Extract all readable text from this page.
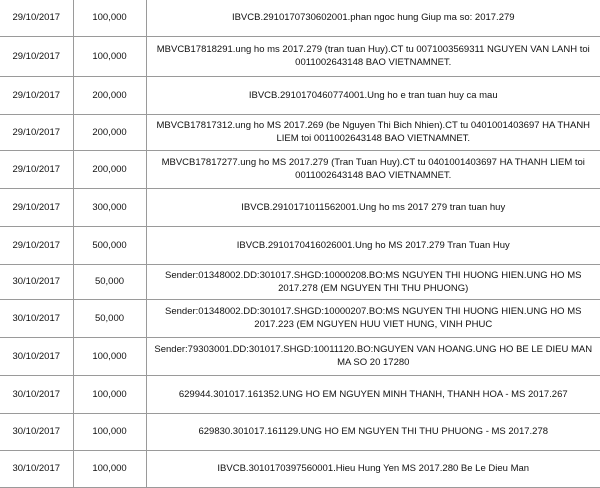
29/10/2017	100,000	IBVCB.2910170730602001.phan ngoc hung Giup ma so: 2017.279
29/10/2017	100,000	MBVCB17818291.ung ho ms 2017.279 (tran tuan Huy).CT tu 0071003569311 NGUYEN VAN LANH toi 0011002643148 BAO VIETNAMNET.
29/10/2017	200,000	IBVCB.2910170460774001.Ung ho e tran tuan huy ca mau
29/10/2017	200,000	MBVCB17817312.ung ho MS 2017.269 (be Nguyen Thi Bich Nhien).CT tu 0401001403697 HA THANH LIEM toi 0011002643148 BAO VIETNAMNET.
29/10/2017	200,000	MBVCB17817277.ung ho MS 2017.279 (Tran Tuan Huy).CT tu 0401001403697 HA THANH LIEM toi 0011002643148 BAO VIETNAMNET.
29/10/2017	300,000	IBVCB.2910171011562001.Ung ho ms 2017 279 tran tuan huy
29/10/2017	500,000	IBVCB.2910170416026001.Ung ho MS 2017.279 Tran Tuan Huy
30/10/2017	50,000	Sender:01348002.DD:301017.SHGD:10000208.BO:MS NGUYEN THI HUONG HIEN.UNG HO MS 2017.278 (EM NGUYEN THI THU PHUONG)
30/10/2017	50,000	Sender:01348002.DD:301017.SHGD:10000207.BO:MS NGUYEN THI HUONG HIEN.UNG HO MS 2017.223 (EM NGUYEN HUU VIET HUNG, VINH PHUC
30/10/2017	100,000	Sender:79303001.DD:301017.SHGD:10011120.BO:NGUYEN VAN HOANG.UNG HO BE LE DIEU MAN MA SO 20 17280
30/10/2017	100,000	629944.301017.161352.UNG HO EM NGUYEN MINH THANH, THANH HOA - MS 2017.267
30/10/2017	100,000	629830.301017.161129.UNG HO EM NGUYEN THI THU PHUONG - MS 2017.278
30/10/2017	100,000	IBVCB.3010170397560001.Hieu Hung Yen MS 2017.280 Be Le Dieu Man
